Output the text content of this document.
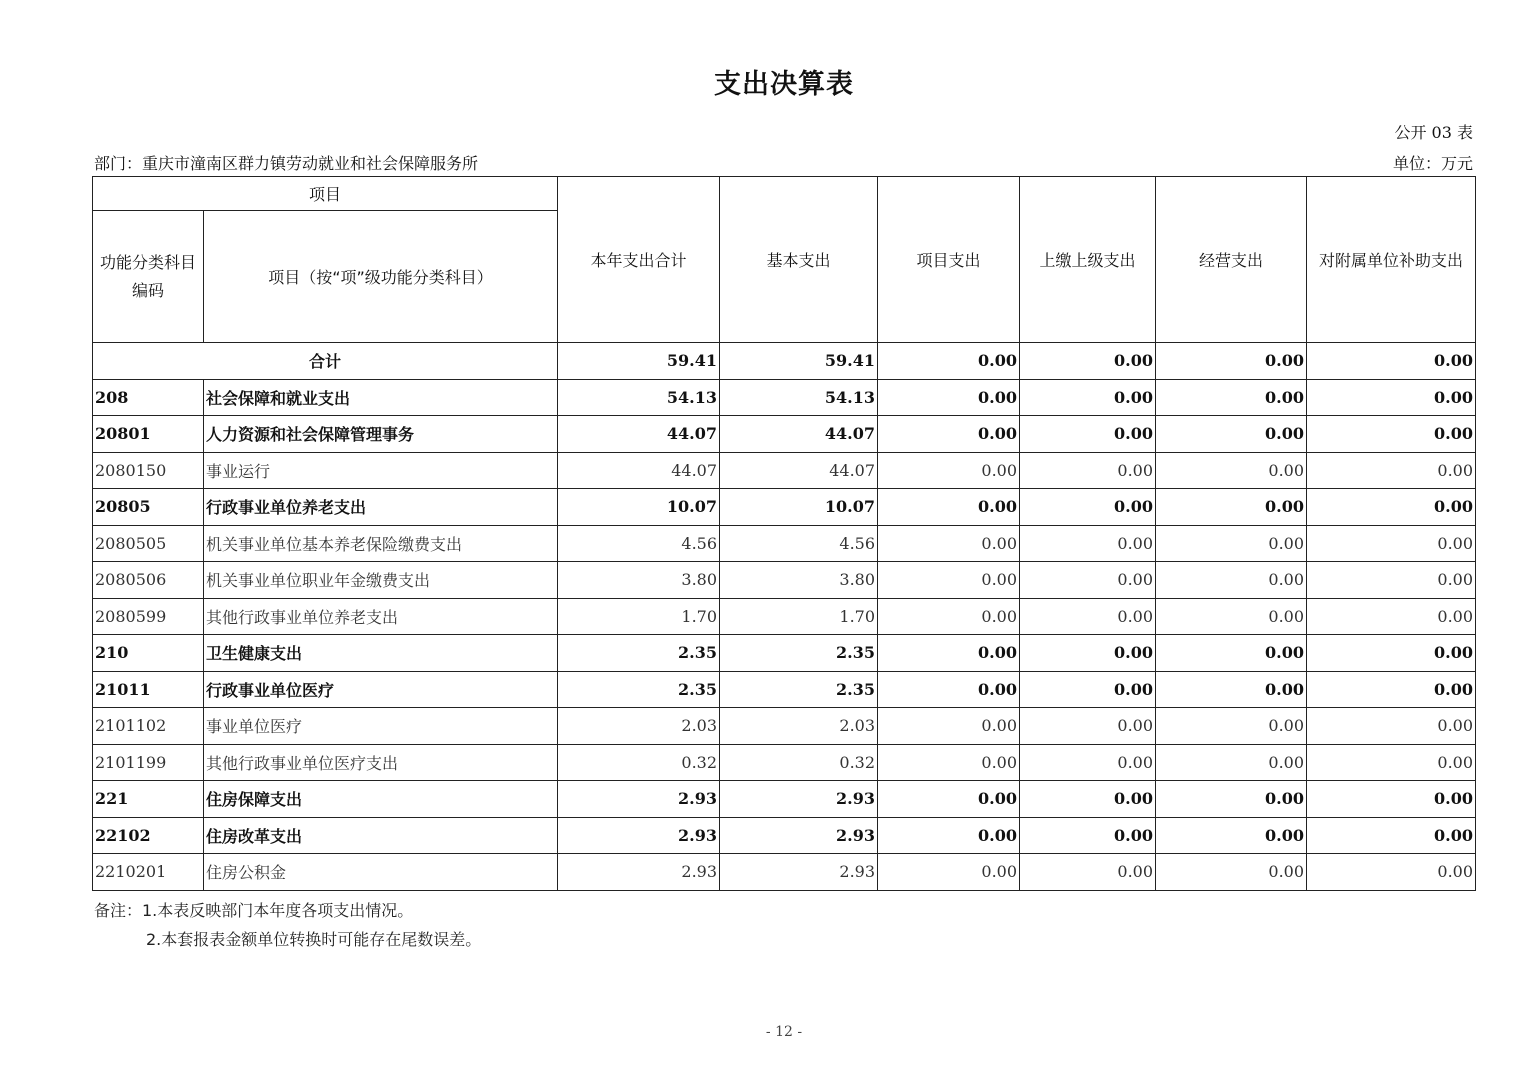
支出决算表
公开 03 表
部门：重庆市潼南区群力镇劳动就业和社会保障服务所	单位：万元
项目		本年支出合计	基本支出	项目支出	上缴上级支出	经营支出	对附属单位补助支出
功能分类科目编码	项目（按“项”级功能分类科目）						
合计		59.41	59.41	0.00	0.00	0.00	0.00
208	社会保障和就业支出	54.13	54.13	0.00	0.00	0.00	0.00
20801	人力资源和社会保障管理事务	44.07	44.07	0.00	0.00	0.00	0.00
2080150	事业运行	44.07	44.07	0.00	0.00	0.00	0.00
20805	行政事业单位养老支出	10.07	10.07	0.00	0.00	0.00	0.00
2080505	机关事业单位基本养老保险缴费支出	4.56	4.56	0.00	0.00	0.00	0.00
2080506	机关事业单位职业年金缴费支出	3.80	3.80	0.00	0.00	0.00	0.00
2080599	其他行政事业单位养老支出	1.70	1.70	0.00	0.00	0.00	0.00
210	卫生健康支出	2.35	2.35	0.00	0.00	0.00	0.00
21011	行政事业单位医疗	2.35	2.35	0.00	0.00	0.00	0.00
2101102	事业单位医疗	2.03	2.03	0.00	0.00	0.00	0.00
2101199	其他行政事业单位医疗支出	0.32	0.32	0.00	0.00	0.00	0.00
221	住房保障支出	2.93	2.93	0.00	0.00	0.00	0.00
22102	住房改革支出	2.93	2.93	0.00	0.00	0.00	0.00
2210201	住房公积金	2.93	2.93	0.00	0.00	0.00	0.00
备注：1.本表反映部门本年度各项支出情况。
2.本套报表金额单位转换时可能存在尾数误差。
- 12 -
